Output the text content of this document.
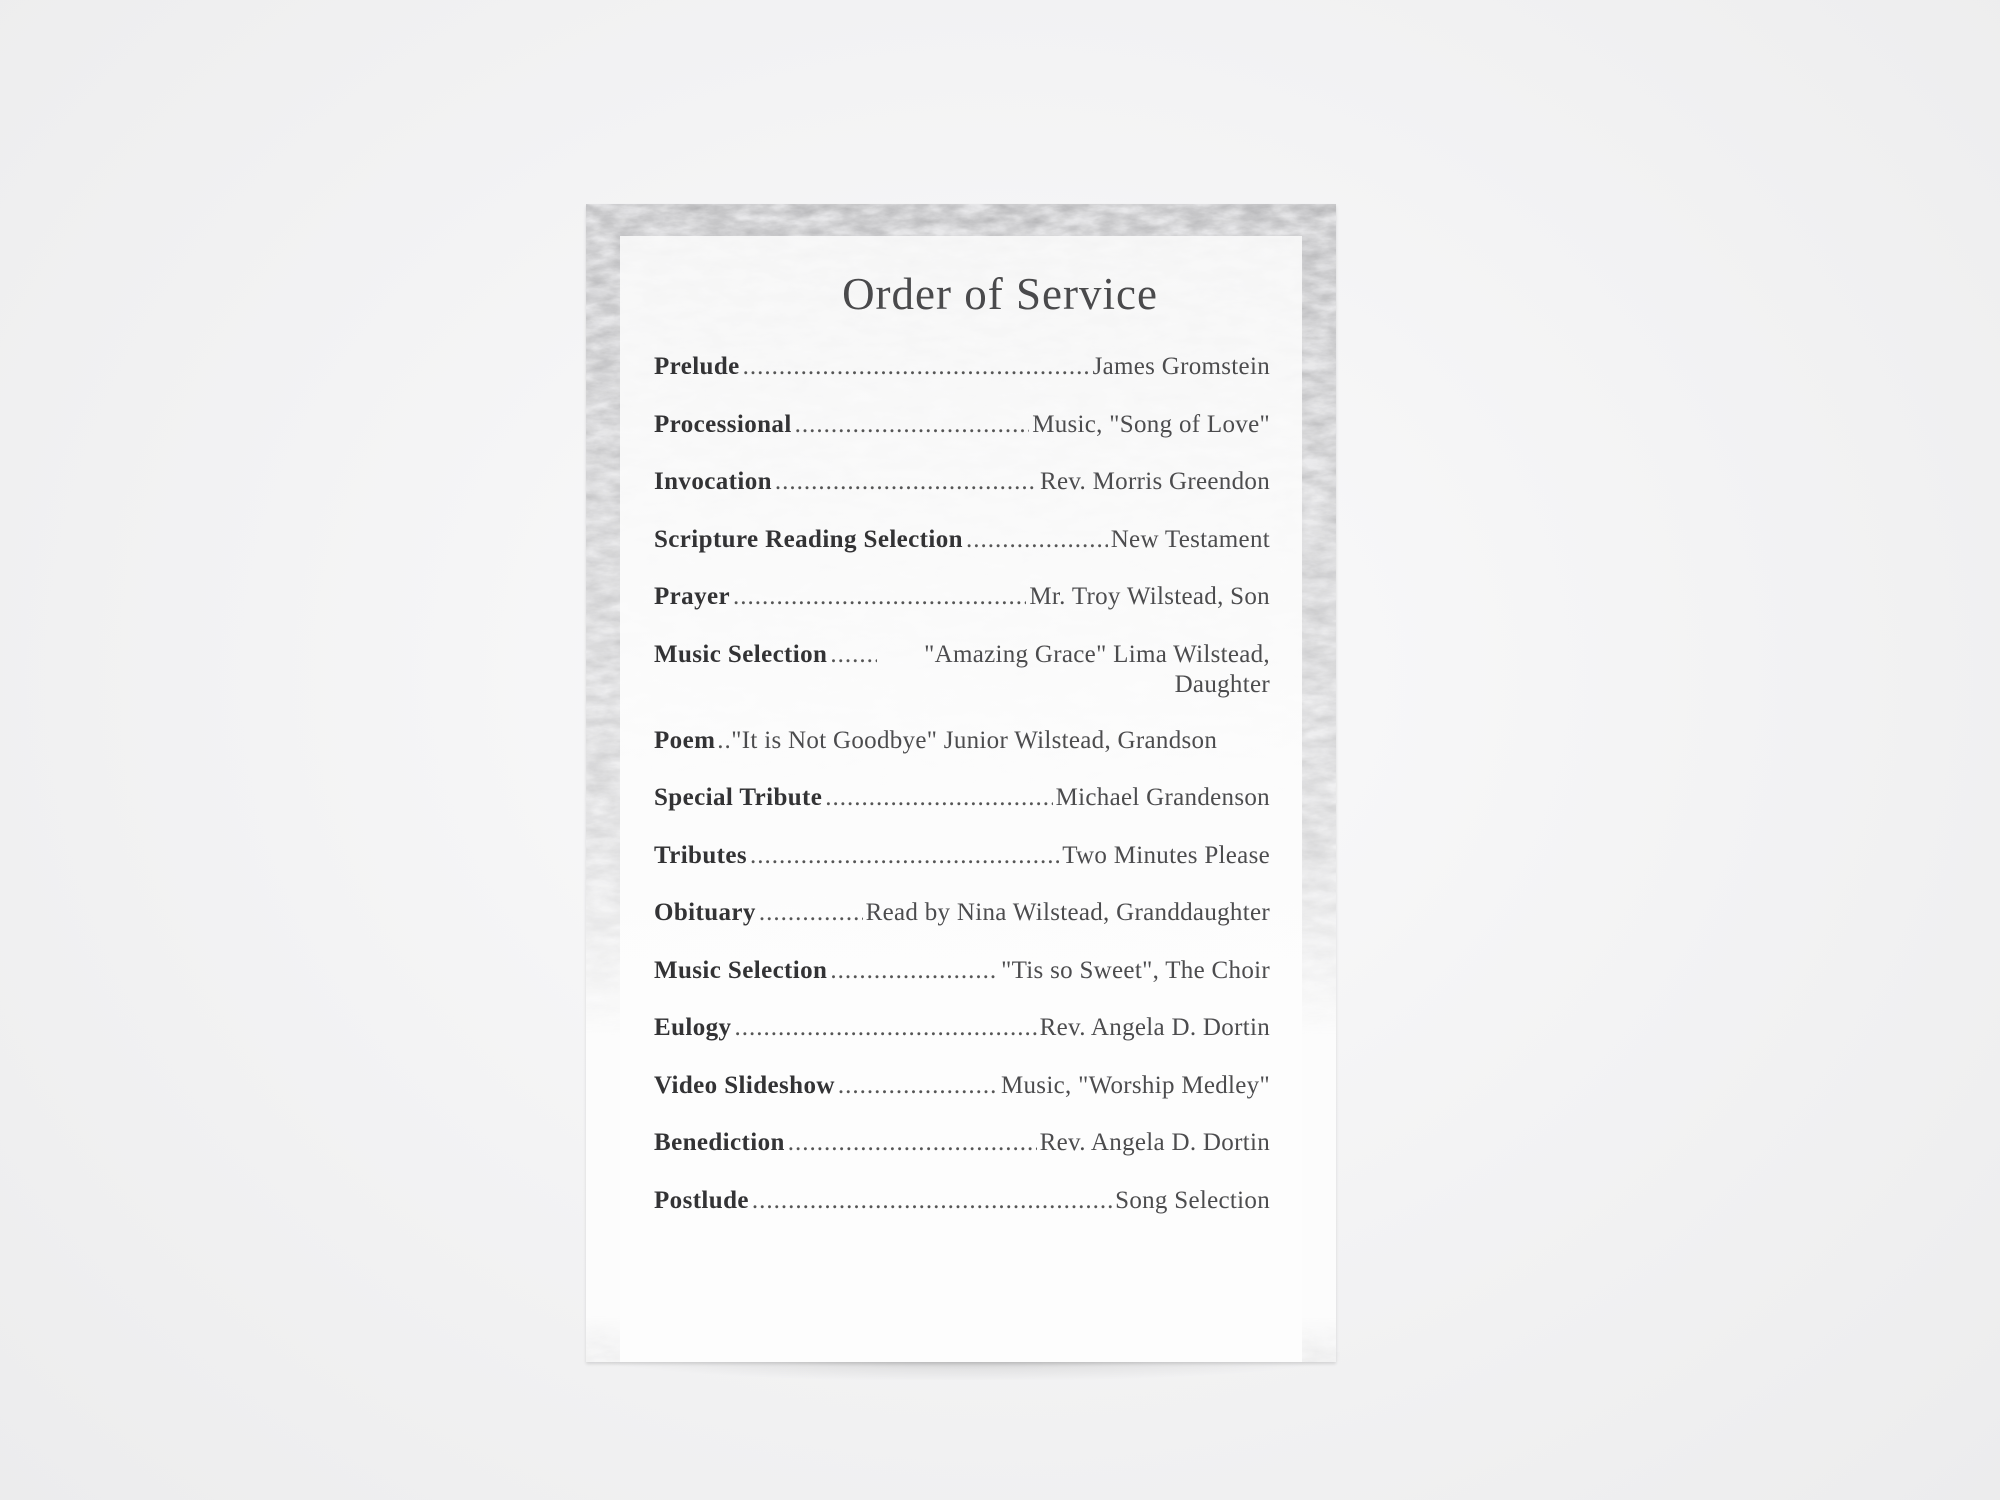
Order of Service
Prelude .....	James Gromstein
Processional .....	Music, "Song of Love"
Invocation .....	Rev. Morris Greendon
Scripture Reading Selection .....	New Testament
Prayer .....	Mr. Troy Wilstead, Son
Music Selection .....	"Amazing Grace" Lima Wilstead, Daughter
Poem ..... "It is Not Goodbye" Junior Wilstead, Grandson
Special Tribute .....	Michael Grandenson
Tributes .....	Two Minutes Please
Obituary .....	Read by Nina Wilstead, Granddaughter
Music Selection .....	"Tis so Sweet", The Choir
Eulogy .....	Rev. Angela D. Dortin
Video Slideshow .....	Music, "Worship Medley"
Benediction .....	Rev. Angela D. Dortin
Postlude .....	Song Selection
